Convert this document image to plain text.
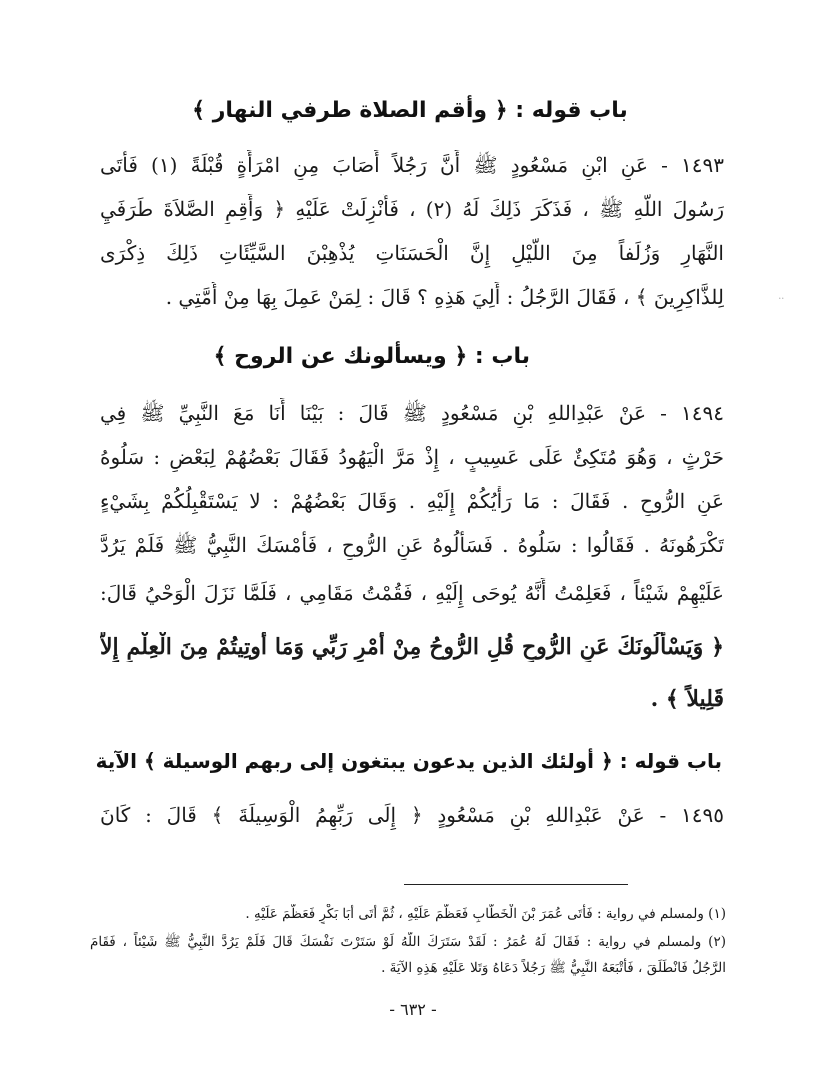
باب قوله : ﴿ وأقم الصلاة طرفي النهار ﴾
١٤٩٣ - عَنِ ابْنِ مَسْعُودٍ ﷺ أَنَّ رَجُلاً أَصَابَ مِنِ امْرَأَةٍ قُبْلَةً (١) فَأَتَى
رَسُولَ اللَّهِ ﷺ ، فَذَكَرَ ذَلِكَ لَهُ (٢) ، فَأُنْزِلَتْ عَلَيْهِ ﴿ وَأَقِمِ الصَّلاَةَ طَرَفَيِ
النَّهَارِ وَزُلَفاً مِنَ اللَّيْلِ إِنَّ الْحَسَنَاتِ يُذْهِبْنَ السَّيِّئَاتِ ذَلِكَ ذِكْرَى
لِلذَّاكِرِينَ ﴾ ، فَقَالَ الرَّجُلُ : أَلِيَ هَذِهِ ؟ قَالَ : لِمَنْ عَمِلَ بِهَا مِنْ أُمَّتِي .	· ·
باب : ﴿ ويسألونك عن الروح ﴾
١٤٩٤ - عَنْ عَبْدِاللهِ بْنِ مَسْعُودٍ ﷺ قَالَ : بَيْنَا أَنَا مَعَ النَّبِيِّ ﷺ فِي
حَرْثٍ ، وَهُوَ مُتَكِئٌ عَلَى عَسِيبٍ ، إِذْ مَرَّ الْيَهُودُ فَقَالَ بَعْضُهُمْ لِبَعْضٍ : سَلُوهُ
عَنِ الرُّوحِ . فَقَالَ : مَا رَأْيُكُمْ إِلَيْهِ . وَقَالَ بَعْضُهُمْ : لا يَسْتَقْبِلُكُمْ بِشَيْءٍ
تَكْرَهُونَهُ . فَقَالُوا : سَلُوهُ . فَسَأَلُوهُ عَنِ الرُّوحِ ، فَأَمْسَكَ النَّبِيُّ ﷺ فَلَمْ يَرُدَّ
عَلَيْهِمْ شَيْئاً ، فَعَلِمْتُ أَنَّهُ يُوحَى إِلَيْهِ ، فَقُمْتُ مَقَامِي ، فَلَمَّا نَزَلَ الْوَحْيُ قَالَ:
﴿ وَيَسْأَلُونَكَ عَنِ الرُّوحِ قُلِ الرُّوحُ مِنْ أَمْرِ رَبِّي وَمَا أُوتِيتُمْ مِنَ الْعِلْمِ إِلاَّ
قَلِيلاً ﴾ .
باب قوله : ﴿ أولئك الذين يدعون يبتغون إلى ربهم الوسيلة ﴾ الآية
١٤٩٥ - عَنْ عَبْدِاللهِ بْنِ مَسْعُودٍ ﴿ إِلَى رَبِّهِمُ الْوَسِيلَةَ ﴾ قَالَ : كَانَ
(١) ولمسلم في رواية : فَأَتَى عُمَرَ بْنَ الْخَطَّابِ فَعَظَّمَ عَلَيْهِ ، ثُمَّ أَتَى أَبَا بَكْرٍ فَعَظَّمَ عَلَيْهِ .
(٢) ولمسلم في رواية : فَقَالَ لَهُ عُمَرُ : لَقَدْ سَتَرَكَ اللَّهُ لَوْ سَتَرْتَ نَفْسَكَ قَالَ فَلَمْ يَرُدَّ النَّبِيُّ ﷺ شَيْئاً ، فَقَامَ
الرَّجُلُ فَانْطَلَقَ ، فَأَتْبَعَهُ النَّبِيُّ ﷺ رَجُلاً دَعَاهُ وَتَلا عَلَيْهِ هَذِهِ الآيَةَ .
- ٦٣٢ -
